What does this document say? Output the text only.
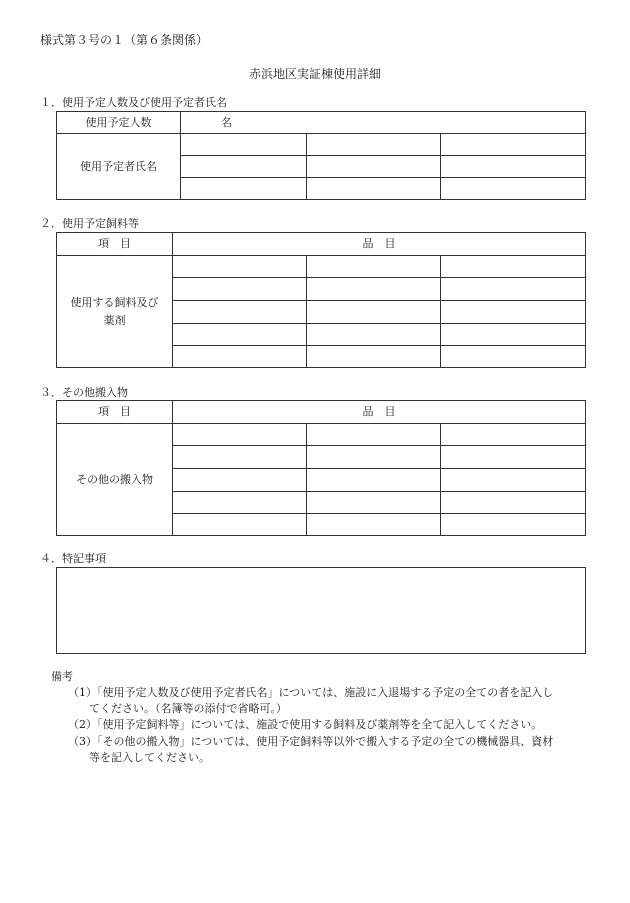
様式第３号の１（第６条関係）
赤浜地区実証棟使用詳細
１．使用予定人数及び使用予定者氏名
使用予定人数	名		
使用予定者氏名			

２．使用予定飼料等
項　目	品　目		

使用する飼料及び
薬剤			

３．その他搬入物
項　目	品　目		
その他の搬入物			

４．特記事項
備考
（1）「使用予定人数及び使用予定者氏名」については、施設に入退場する予定の全ての者を記入し
てください。（名簿等の添付で省略可。）
（2）「使用予定飼料等」については、施設で使用する飼料及び薬剤等を全て記入してください。
（3）「その他の搬入物」については、使用予定飼料等以外で搬入する予定の全ての機械器具、資材
等を記入してください。
